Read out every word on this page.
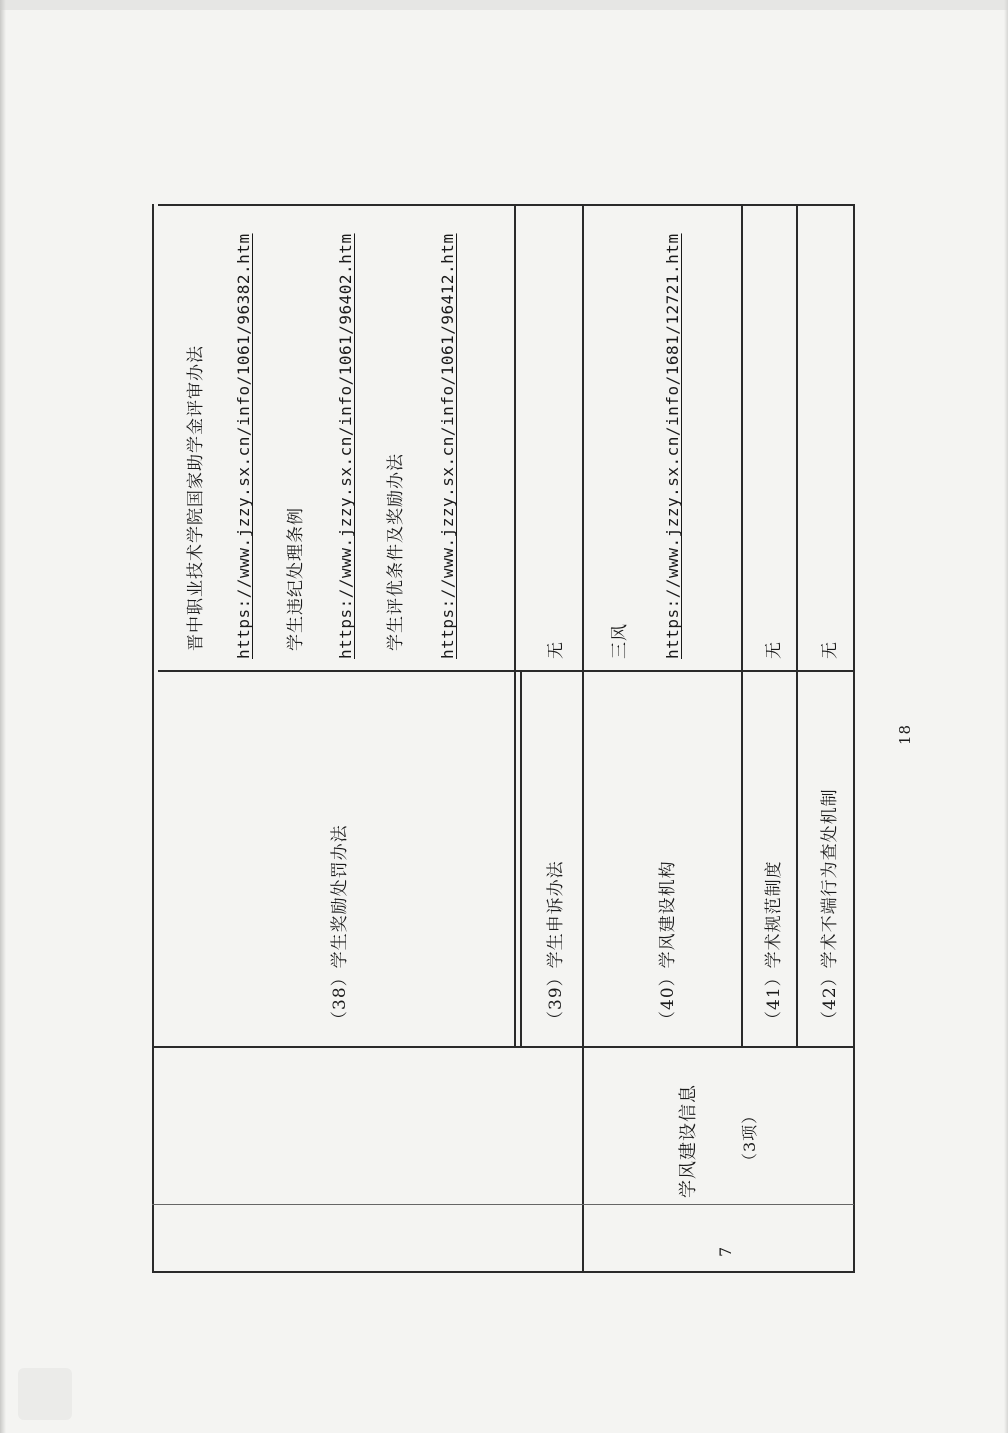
7
学风建设信息	（3项）
（38）学生奖励处罚办法
晋中职业技术学院国家助学金评审办法 https://www.jzzy.sx.cn/info/1061/96382.htm 学生违纪处理条例 https://www.jzzy.sx.cn/info/1061/96402.htm 学生评优条件及奖励办法 https://www.jzzy.sx.cn/info/1061/96412.htm
（39）学生申诉办法
无
（40）学风建设机构
三风 https://www.jzzy.sx.cn/info/1681/12721.htm
（41）学术规范制度
无
（42）学术不端行为查处机制
无
18
